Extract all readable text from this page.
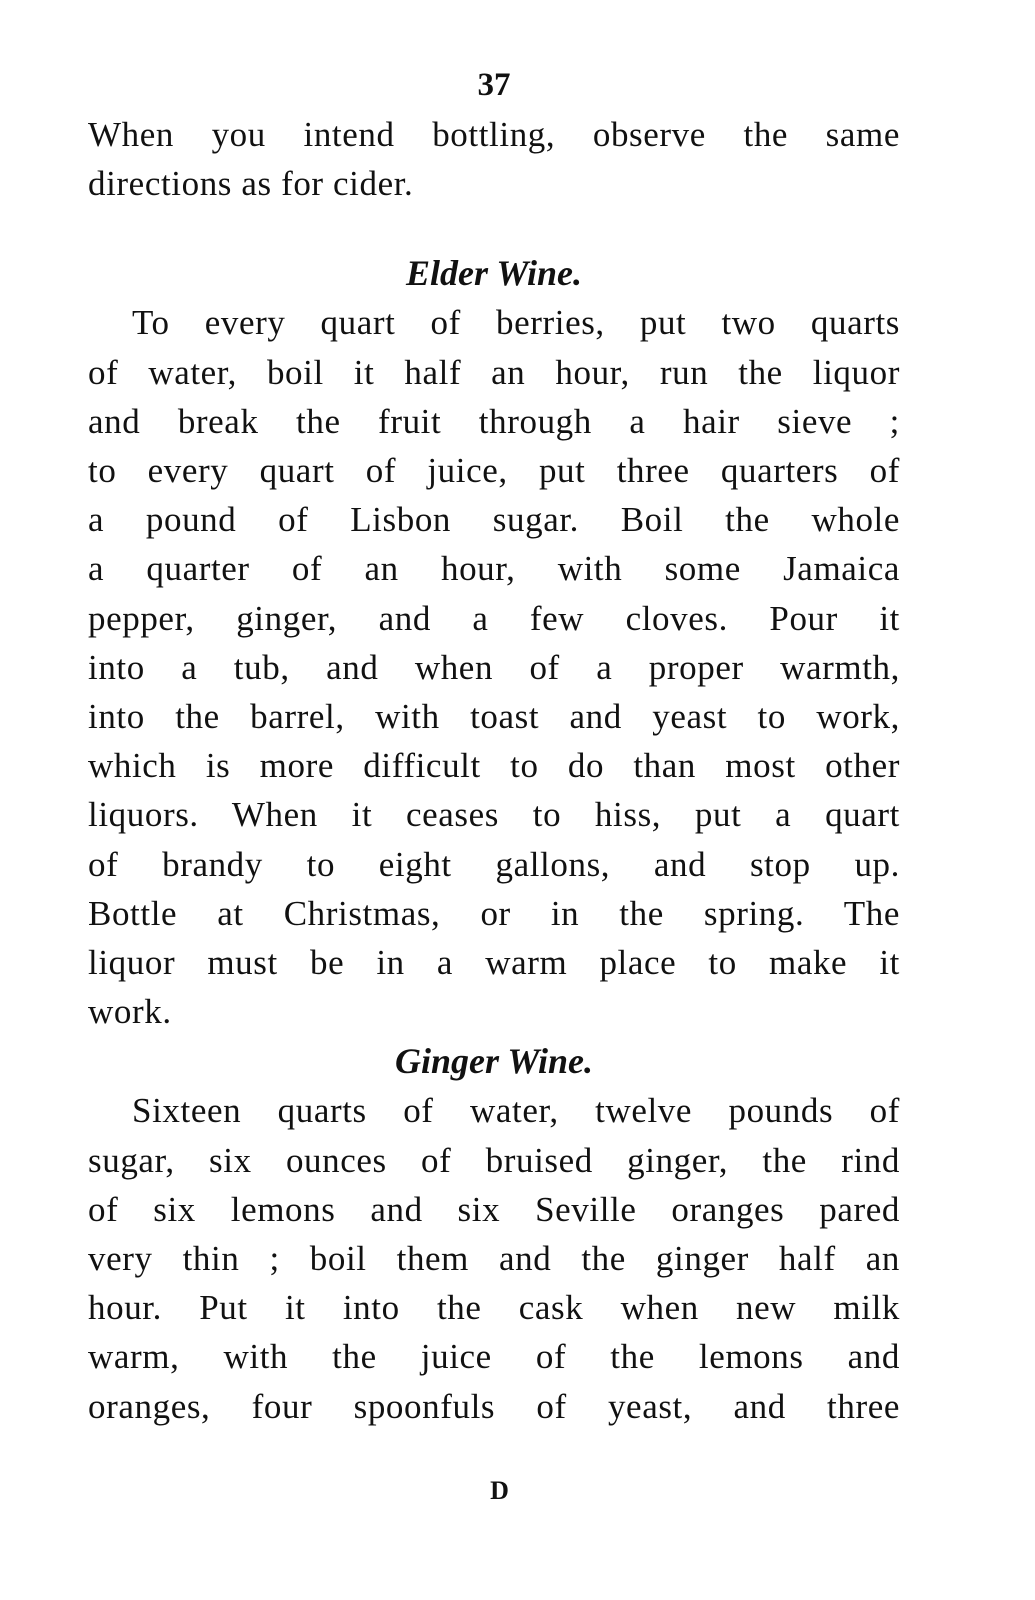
37

When you intend bottling, observe the same
directions as for cider.

Elder Wine.

To every quart of berries, put two quarts
of water, boil it half an hour, run the liquor
and break the fruit through a hair sieve ;
to every quart of juice, put three quarters of
a pound of Lisbon sugar. Boil the whole
a quarter of an hour, with some Jamaica
pepper, ginger, and a few cloves. Pour it
into a tub, and when of a proper warmth,
into the barrel, with toast and yeast to work,
which is more difficult to do than most other
liquors. When it ceases to hiss, put a quart
of brandy to eight gallons, and stop up.
Bottle at Christmas, or in the spring. The
liquor must be in a warm place to make it
work.

Ginger Wine.

Sixteen quarts of water, twelve pounds of
sugar, six ounces of bruised ginger, the rind
of six lemons and six Seville oranges pared
very thin ; boil them and the ginger half an
hour. Put it into the cask when new milk
warm, with the juice of the lemons and
oranges, four spoonfuls of yeast, and three

D
